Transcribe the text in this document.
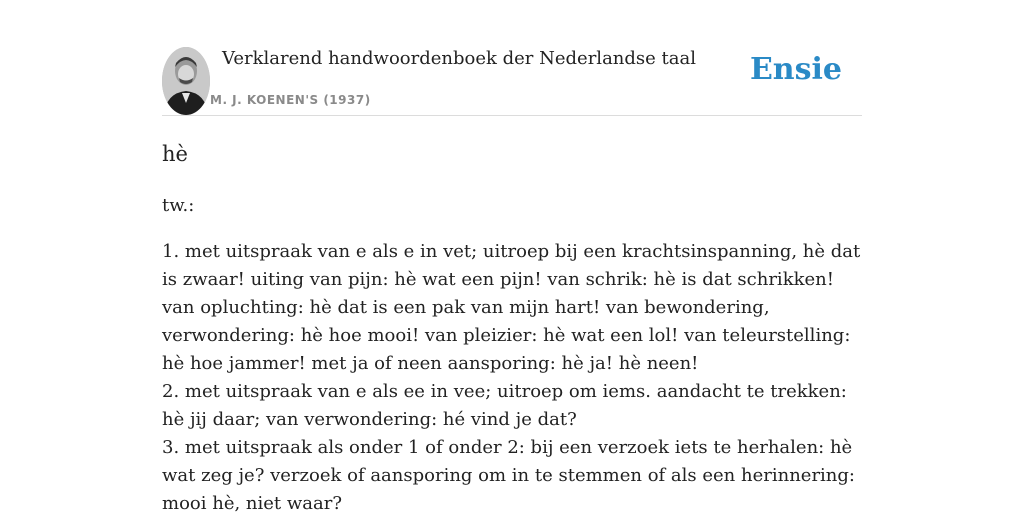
Verklarend handwoordenboek der Nederlandse taal
M. J. KOENEN'S (1937)
Ensie
hè
tw.:
1. met uitspraak van e als e in vet; uitroep bij een krachtsinspanning, hè dat is zwaar! uiting van pijn: hè wat een pijn! van schrik: hè is dat schrikken! van opluchting: hè dat is een pak van mijn hart! van bewondering, verwondering: hè hoe mooi! van pleizier: hè wat een lol! van teleurstelling: hè hoe jammer! met ja of neen aansporing: hè ja! hè neen!
2. met uitspraak van e als ee in vee; uitroep om iems. aandacht te trekken: hè jij daar; van verwondering: hé vind je dat?
3. met uitspraak als onder 1 of onder 2: bij een verzoek iets te herhalen: hè wat zeg je? verzoek of aansporing om in te stemmen of als een herinnering: mooi hè, niet waar?
